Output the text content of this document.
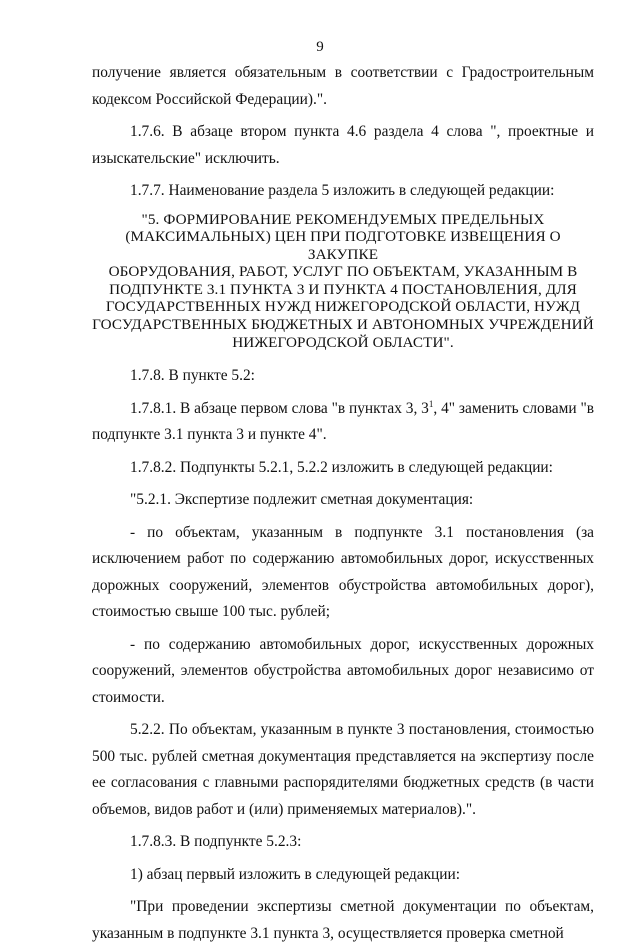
9

получение является обязательным в соответствии с Градостроительным кодексом Российской Федерации).".

1.7.6. В абзаце втором пункта 4.6 раздела 4 слова ", проектные и изыскательские" исключить.

1.7.7. Наименование раздела 5 изложить в следующей редакции:

"5. ФОРМИРОВАНИЕ РЕКОМЕНДУЕМЫХ ПРЕДЕЛЬНЫХ

(МАКСИМАЛЬНЫХ) ЦЕН ПРИ ПОДГОТОВКЕ ИЗВЕЩЕНИЯ О ЗАКУПКЕ

ОБОРУДОВАНИЯ, РАБОТ, УСЛУГ ПО ОБЪЕКТАМ, УКАЗАННЫМ В

ПОДПУНКТЕ 3.1 ПУНКТА 3 И ПУНКТА 4 ПОСТАНОВЛЕНИЯ, ДЛЯ

ГОСУДАРСТВЕННЫХ НУЖД НИЖЕГОРОДСКОЙ ОБЛАСТИ, НУЖД

ГОСУДАРСТВЕННЫХ БЮДЖЕТНЫХ И АВТОНОМНЫХ УЧРЕЖДЕНИЙ

НИЖЕГОРОДСКОЙ ОБЛАСТИ".

1.7.8. В пункте 5.2:

1.7.8.1. В абзаце первом слова "в пунктах 3, $3^1$, 4" заменить словами "в подпункте 3.1 пункта 3 и пункте 4".

1.7.8.2. Подпункты 5.2.1, 5.2.2 изложить в следующей редакции:

"5.2.1. Экспертизе подлежит сметная документация:

- по объектам, указанным в подпункте 3.1 постановления (за исключением работ по содержанию автомобильных дорог, искусственных дорожных сооружений, элементов обустройства автомобильных дорог), стоимостью свыше 100 тыс. рублей;

- по содержанию автомобильных дорог, искусственных дорожных сооружений, элементов обустройства автомобильных дорог независимо от стоимости.

5.2.2. По объектам, указанным в пункте 3 постановления, стоимостью 500 тыс. рублей сметная документация представляется на экспертизу после ее согласования с главными распорядителями бюджетных средств (в части объемов, видов работ и (или) применяемых материалов).".

1.7.8.3. В подпункте 5.2.3:

1) абзац первый изложить в следующей редакции:

"При проведении экспертизы сметной документации по объектам, указанным в подпункте 3.1 пункта 3, осуществляется проверка сметной
